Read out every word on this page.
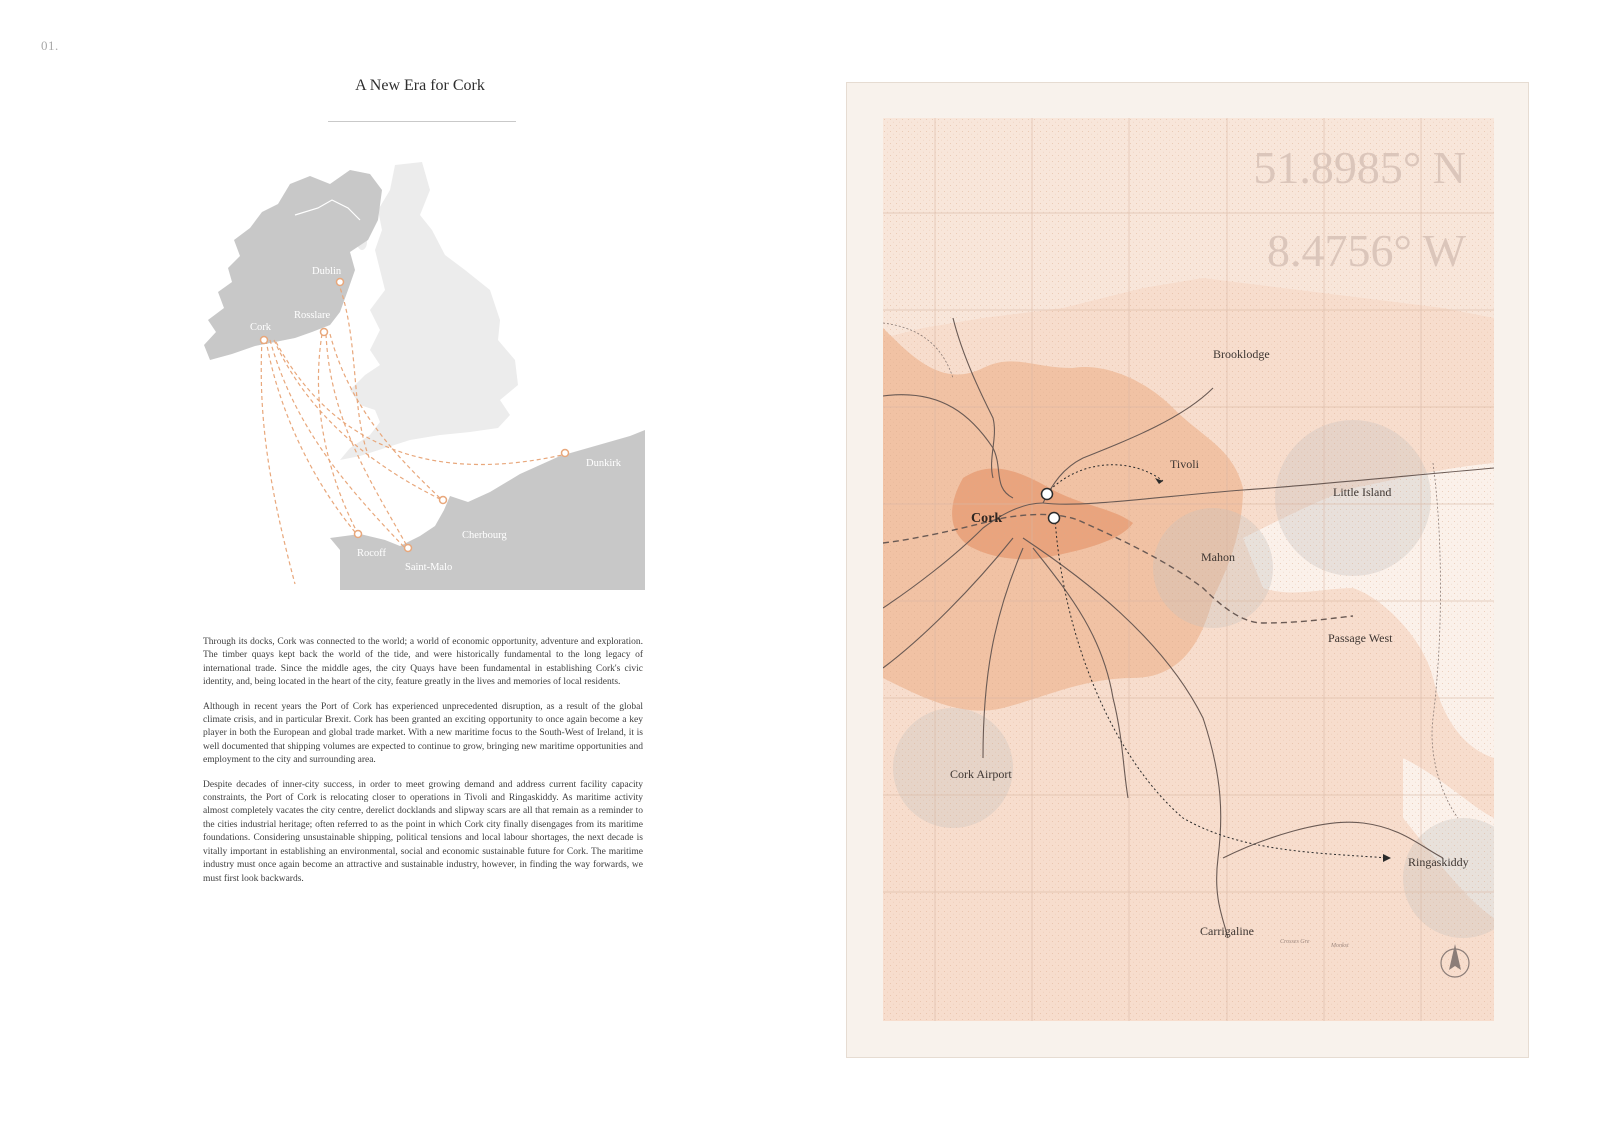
01.
A New Era for Cork
Dublin
Rosslare
Cork
Dunkirk
Cherbourg
Rocoff
Saint-Malo

Through its docks, Cork was connected to the world; a world of economic opportunity, adventure and exploration. The timber quays kept back the world of the tide, and were historically fundamental to the long legacy of international trade. Since the middle ages, the city Quays have been fundamental in establishing Cork's civic identity, and, being located in the heart of the city, feature greatly in the lives and memories of local residents.

Although in recent years the Port of Cork has experienced unprecedented disruption, as a result of the global climate crisis, and in particular Brexit. Cork has been granted an exciting opportunity to once again become a key player in both the European and global trade market. With a new maritime focus to the South-West of Ireland, it is well documented that shipping volumes are expected to continue to grow, bringing new maritime opportunities and employment to the city and surrounding area.

Despite decades of inner-city success, in order to meet growing demand and address current facility capacity constraints, the Port of Cork is relocating closer to operations in Tivoli and Ringaskiddy. As maritime activity almost completely vacates the city centre, derelict docklands and slipway scars are all that remain as a reminder to the cities industrial heritage; often referred to as the point in which Cork city finally disengages from its maritime foundations. Considering unsustainable shipping, political tensions and local labour shortages, the next decade is vitally important in establishing an environmental, social and economic sustainable future for Cork. The maritime industry must once again become an attractive and sustainable industry, however, in finding the way forwards, we must first look backwards.

51.8985° N
8.4756° W
Brooklodge
Tivoli
Little Island
Mahon
Passage West
Cork Airport
Ringaskiddy
Carrigaline
Cork
Crosses Gre
Monkst
